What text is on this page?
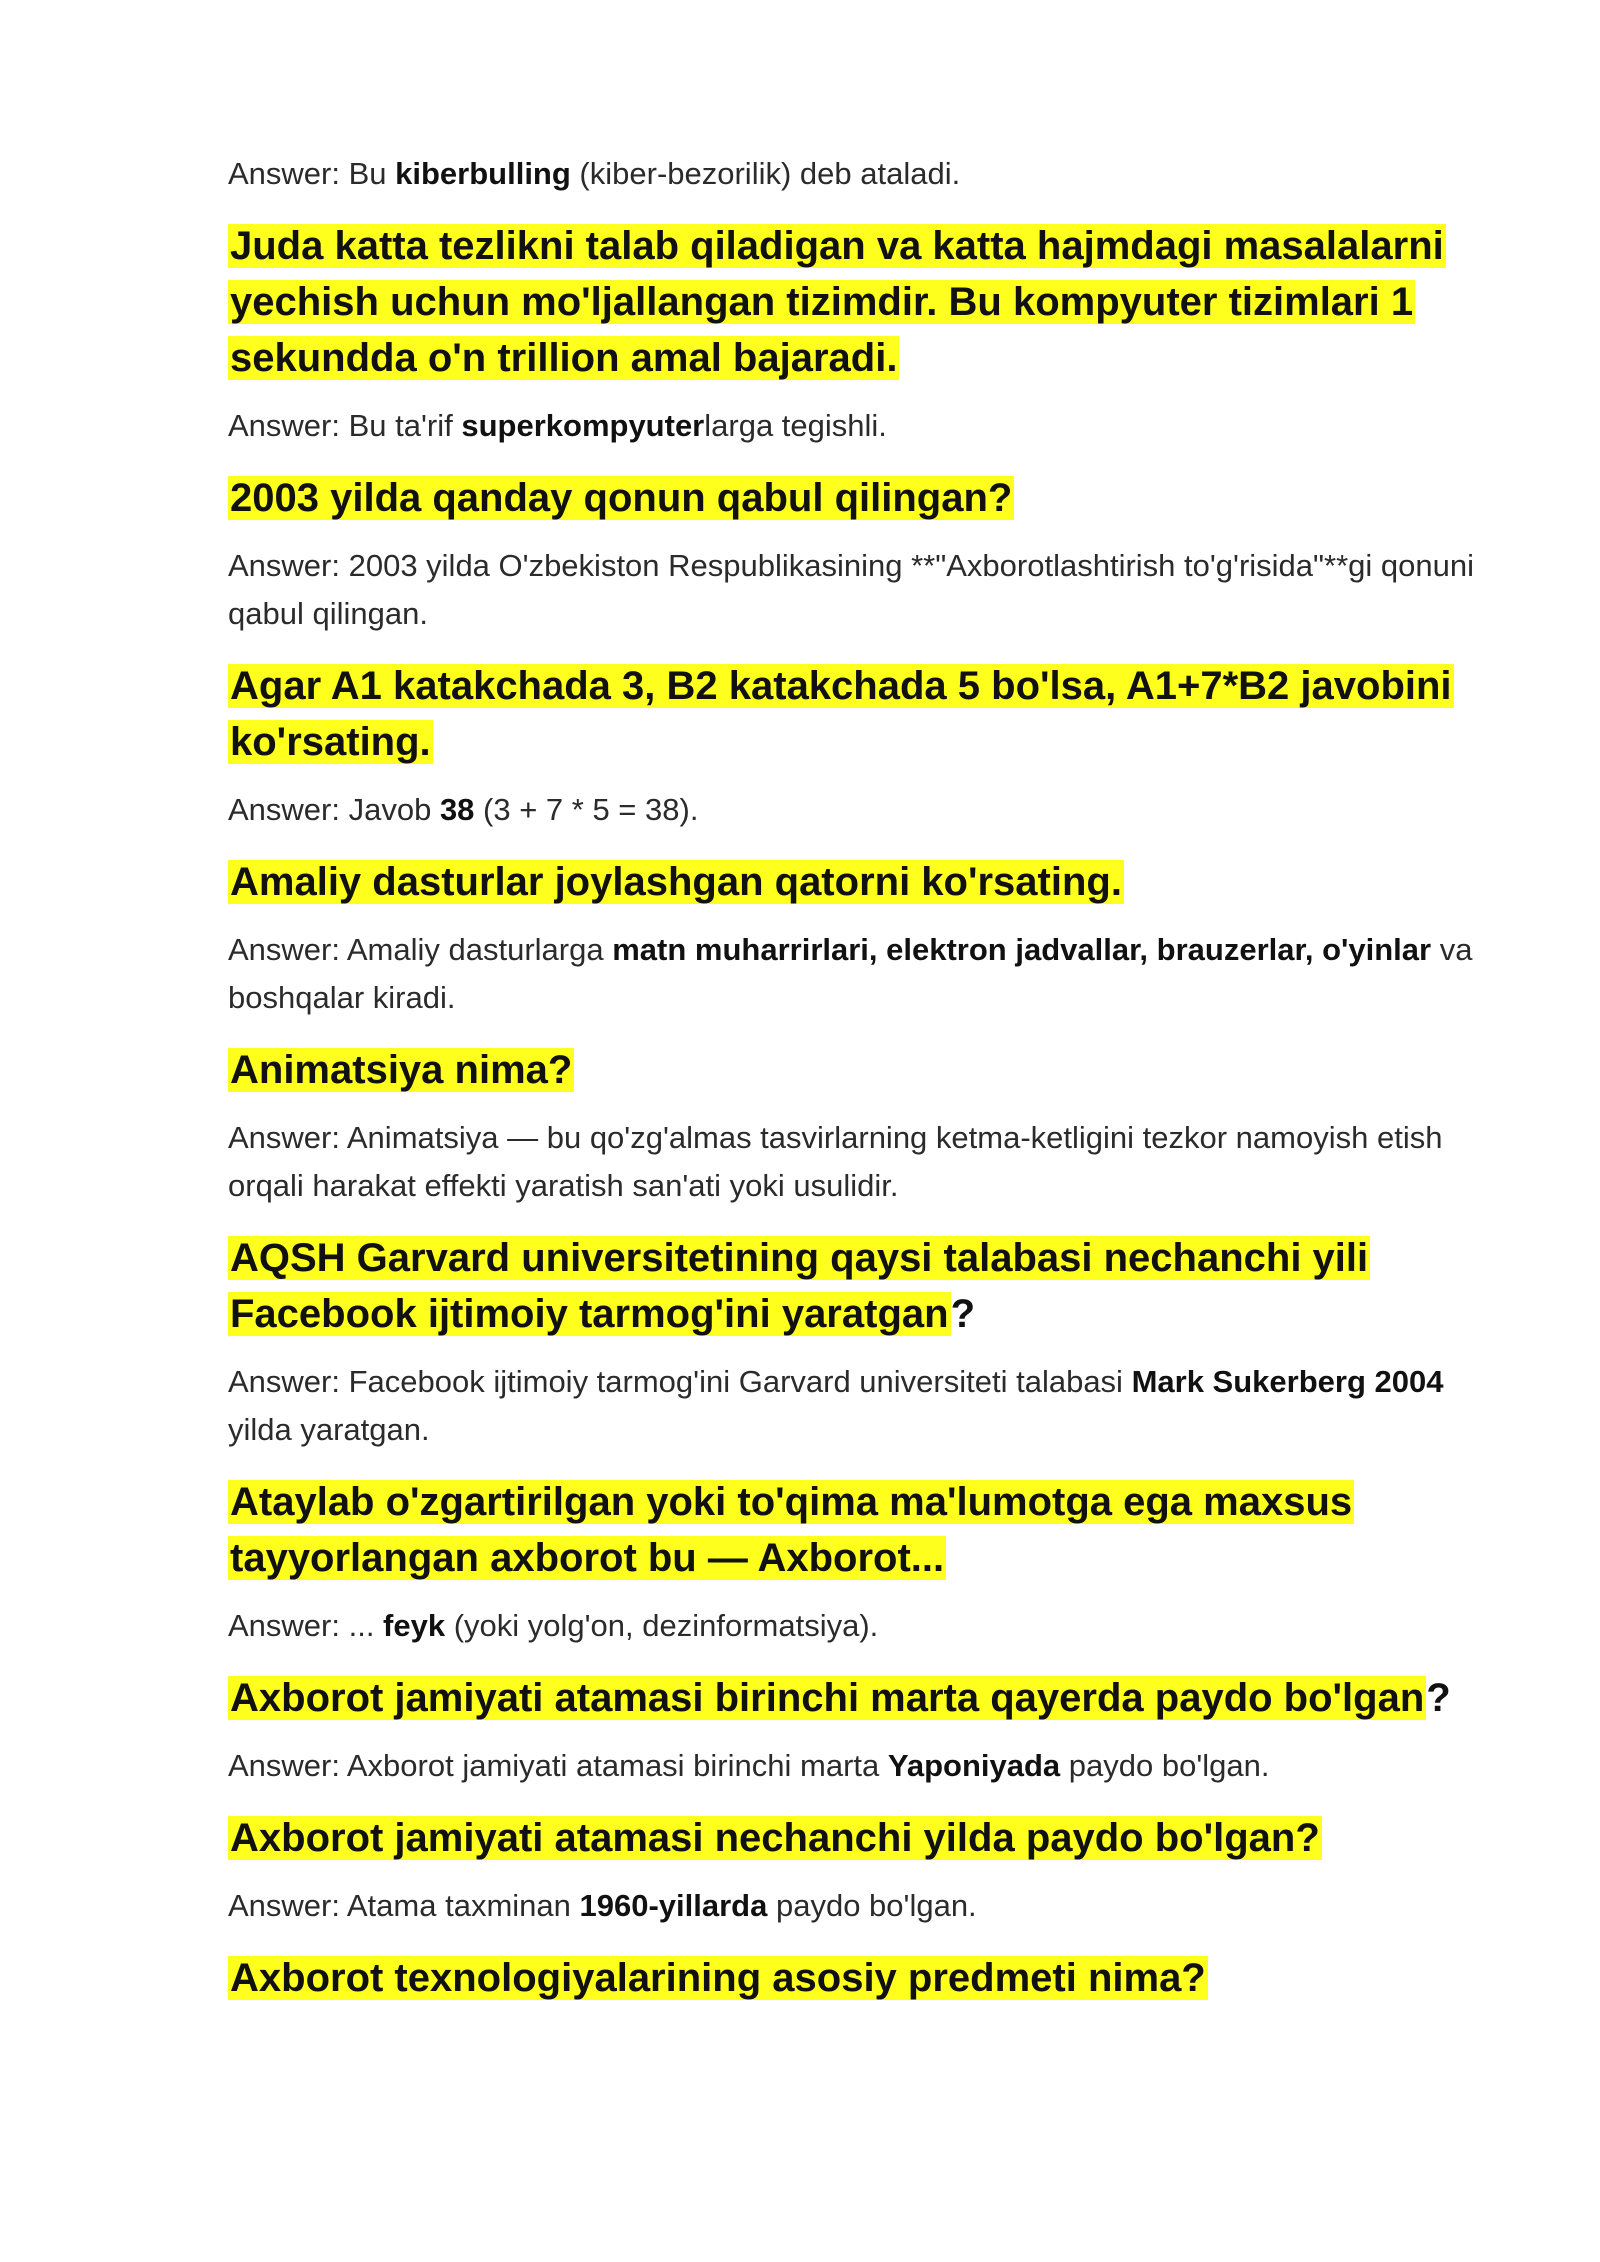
Answer: Bu kiberbulling (kiber-bezorilik) deb ataladi.

Juda katta tezlikni talab qiladigan va katta hajmdagi masalalarni yechish uchun mo'ljallangan tizimdir. Bu kompyuter tizimlari 1 sekundda o'n trillion amal bajaradi.

Answer: Bu ta'rif superkompyuterlarga tegishli.

2003 yilda qanday qonun qabul qilingan?

Answer: 2003 yilda O'zbekiston Respublikasining **"Axborotlashtirish to'g'risida"**gi qonuni qabul qilingan.

Agar A1 katakchada 3, B2 katakchada 5 bo'lsa, A1+7*B2 javobini ko'rsating.

Answer: Javob 38 (3 + 7 * 5 = 38).

Amaliy dasturlar joylashgan qatorni ko'rsating.

Answer: Amaliy dasturlarga matn muharrirlari, elektron jadvallar, brauzerlar, o'yinlar va boshqalar kiradi.

Animatsiya nima?

Answer: Animatsiya — bu qo'zg'almas tasvirlarning ketma-ketligini tezkor namoyish etish orqali harakat effekti yaratish san'ati yoki usulidir.

AQSH Garvard universitetining qaysi talabasi nechanchi yili Facebook ijtimoiy tarmog'ini yaratgan?

Answer: Facebook ijtimoiy tarmog'ini Garvard universiteti talabasi Mark Sukerberg 2004 yilda yaratgan.

Ataylab o'zgartirilgan yoki to'qima ma'lumotga ega maxsus tayyorlangan axborot bu — Axborot...

Answer: ... feyk (yoki yolg'on, dezinformatsiya).

Axborot jamiyati atamasi birinchi marta qayerda paydo bo'lgan?

Answer: Axborot jamiyati atamasi birinchi marta Yaponiyada paydo bo'lgan.

Axborot jamiyati atamasi nechanchi yilda paydo bo'lgan?

Answer: Atama taxminan 1960-yillarda paydo bo'lgan.

Axborot texnologiyalarining asosiy predmeti nima?
